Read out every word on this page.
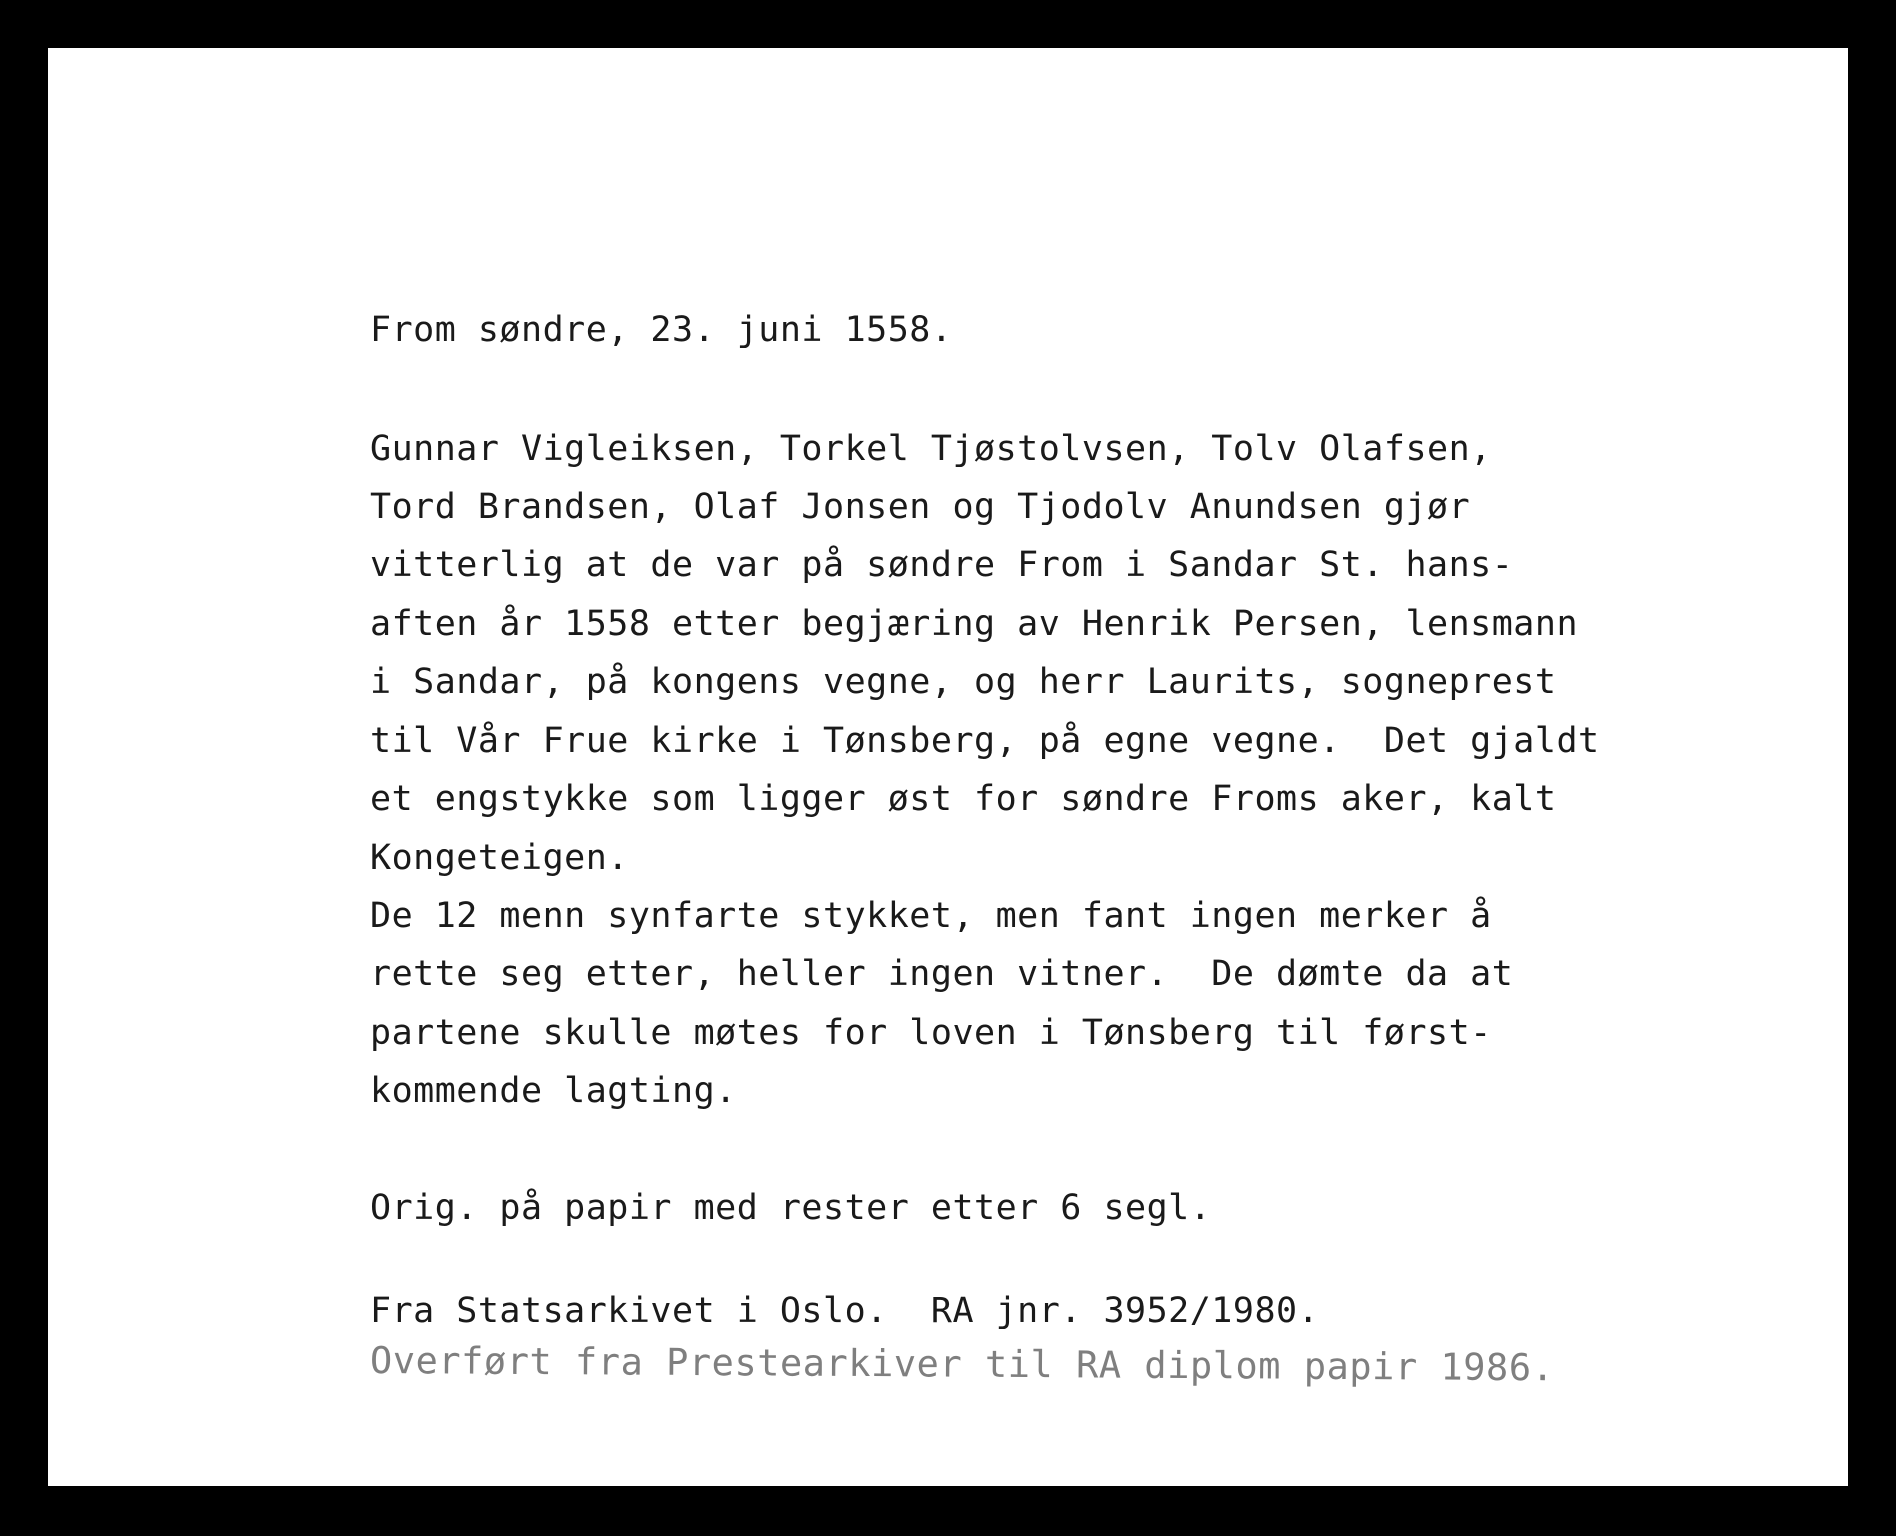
From søndre, 23. juni 1558.
Gunnar Vigleiksen, Torkel Tjøstolvsen, Tolv Olafsen,
Tord Brandsen, Olaf Jonsen og Tjodolv Anundsen gjør
vitterlig at de var på søndre From i Sandar St. hans-
aften år 1558 etter begjæring av Henrik Persen, lensmann
i Sandar, på kongens vegne, og herr Laurits, sogneprest
til Vår Frue kirke i Tønsberg, på egne vegne.  Det gjaldt
et engstykke som ligger øst for søndre Froms aker, kalt
Kongeteigen.
De 12 menn synfarte stykket, men fant ingen merker å
rette seg etter, heller ingen vitner.  De dømte da at
partene skulle møtes for loven i Tønsberg til først-
kommende lagting.
Orig. på papir med rester etter 6 segl.
Fra Statsarkivet i Oslo.  RA jnr. 3952/1980.
Overført fra Prestearkiver til RA diplom papir 1986.
